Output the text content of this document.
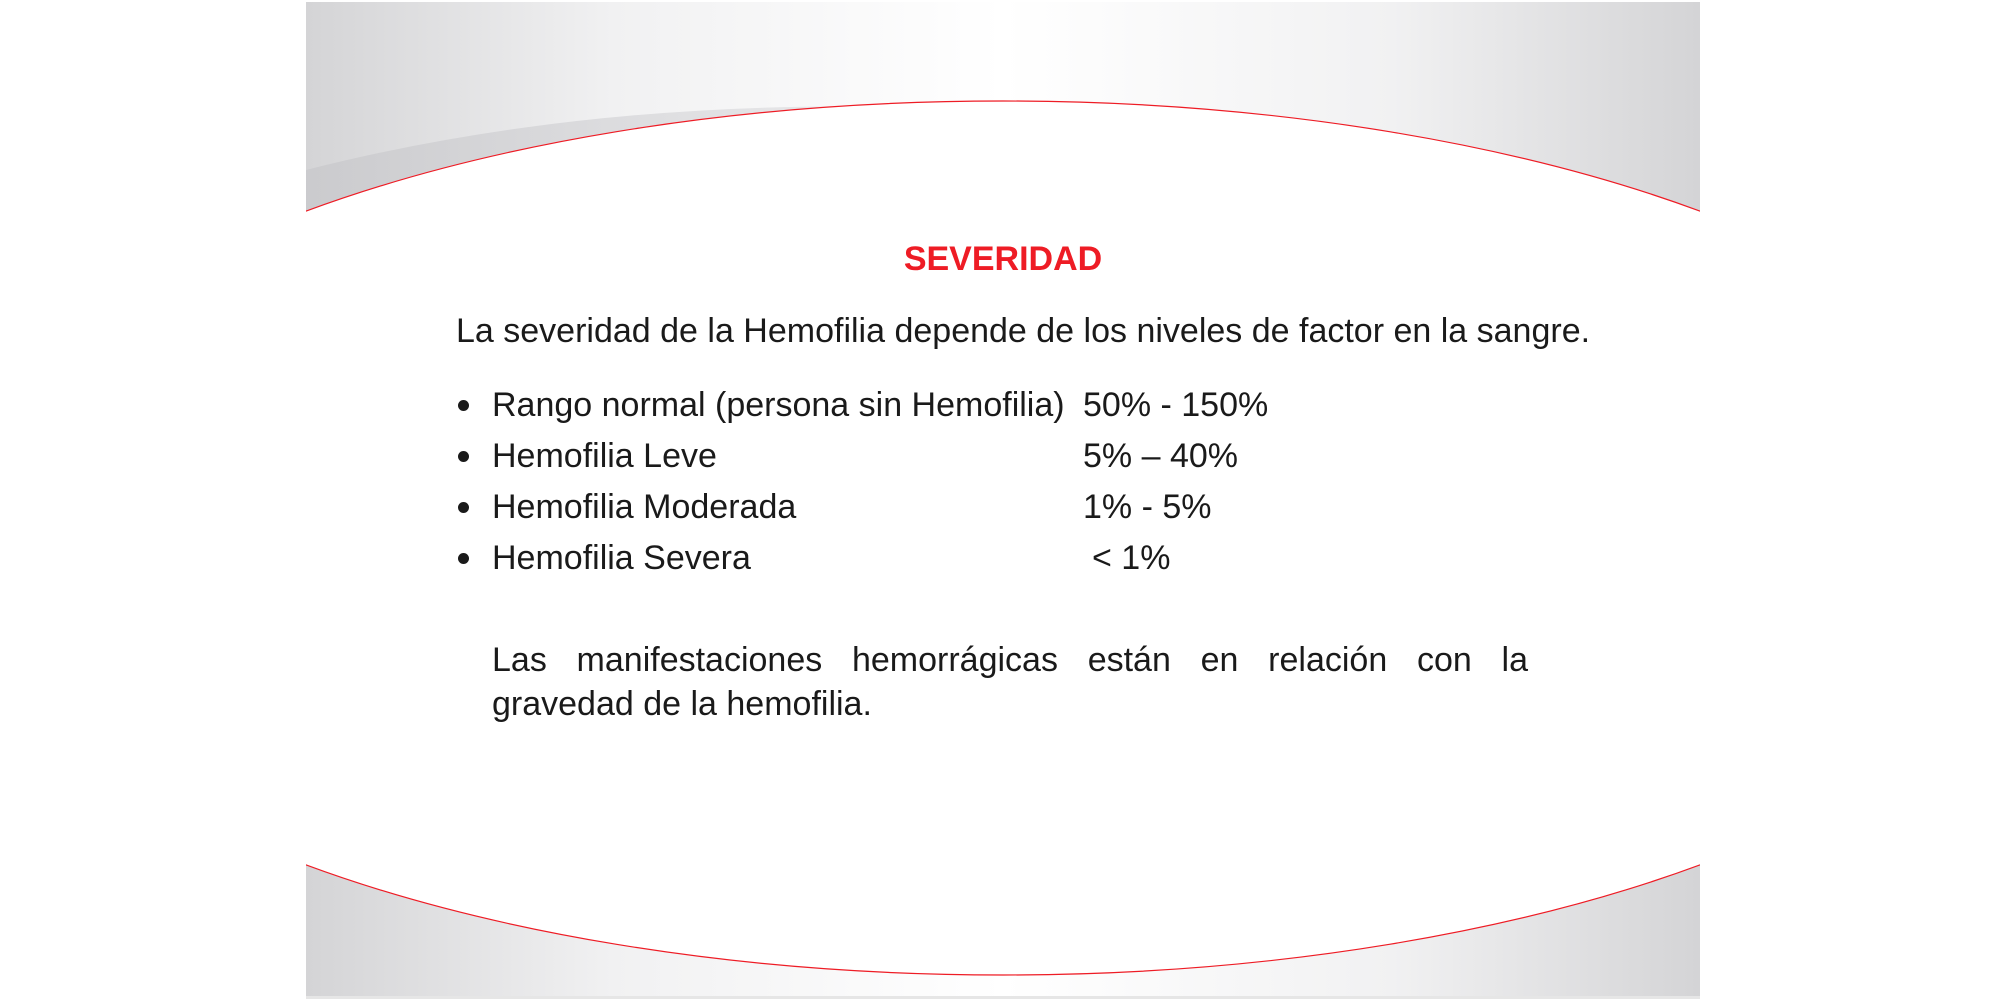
SEVERIDAD
La severidad de la Hemofilia depende de los niveles de factor en la sangre.
Rango normal (persona sin Hemofilia) 50% - 150%
Hemofilia Leve	5% – 40%
Hemofilia Moderada	1% - 5%
Hemofilia Severa	< 1%
Las manifestaciones hemorrágicas están en relación con la gravedad de la hemofilia.
